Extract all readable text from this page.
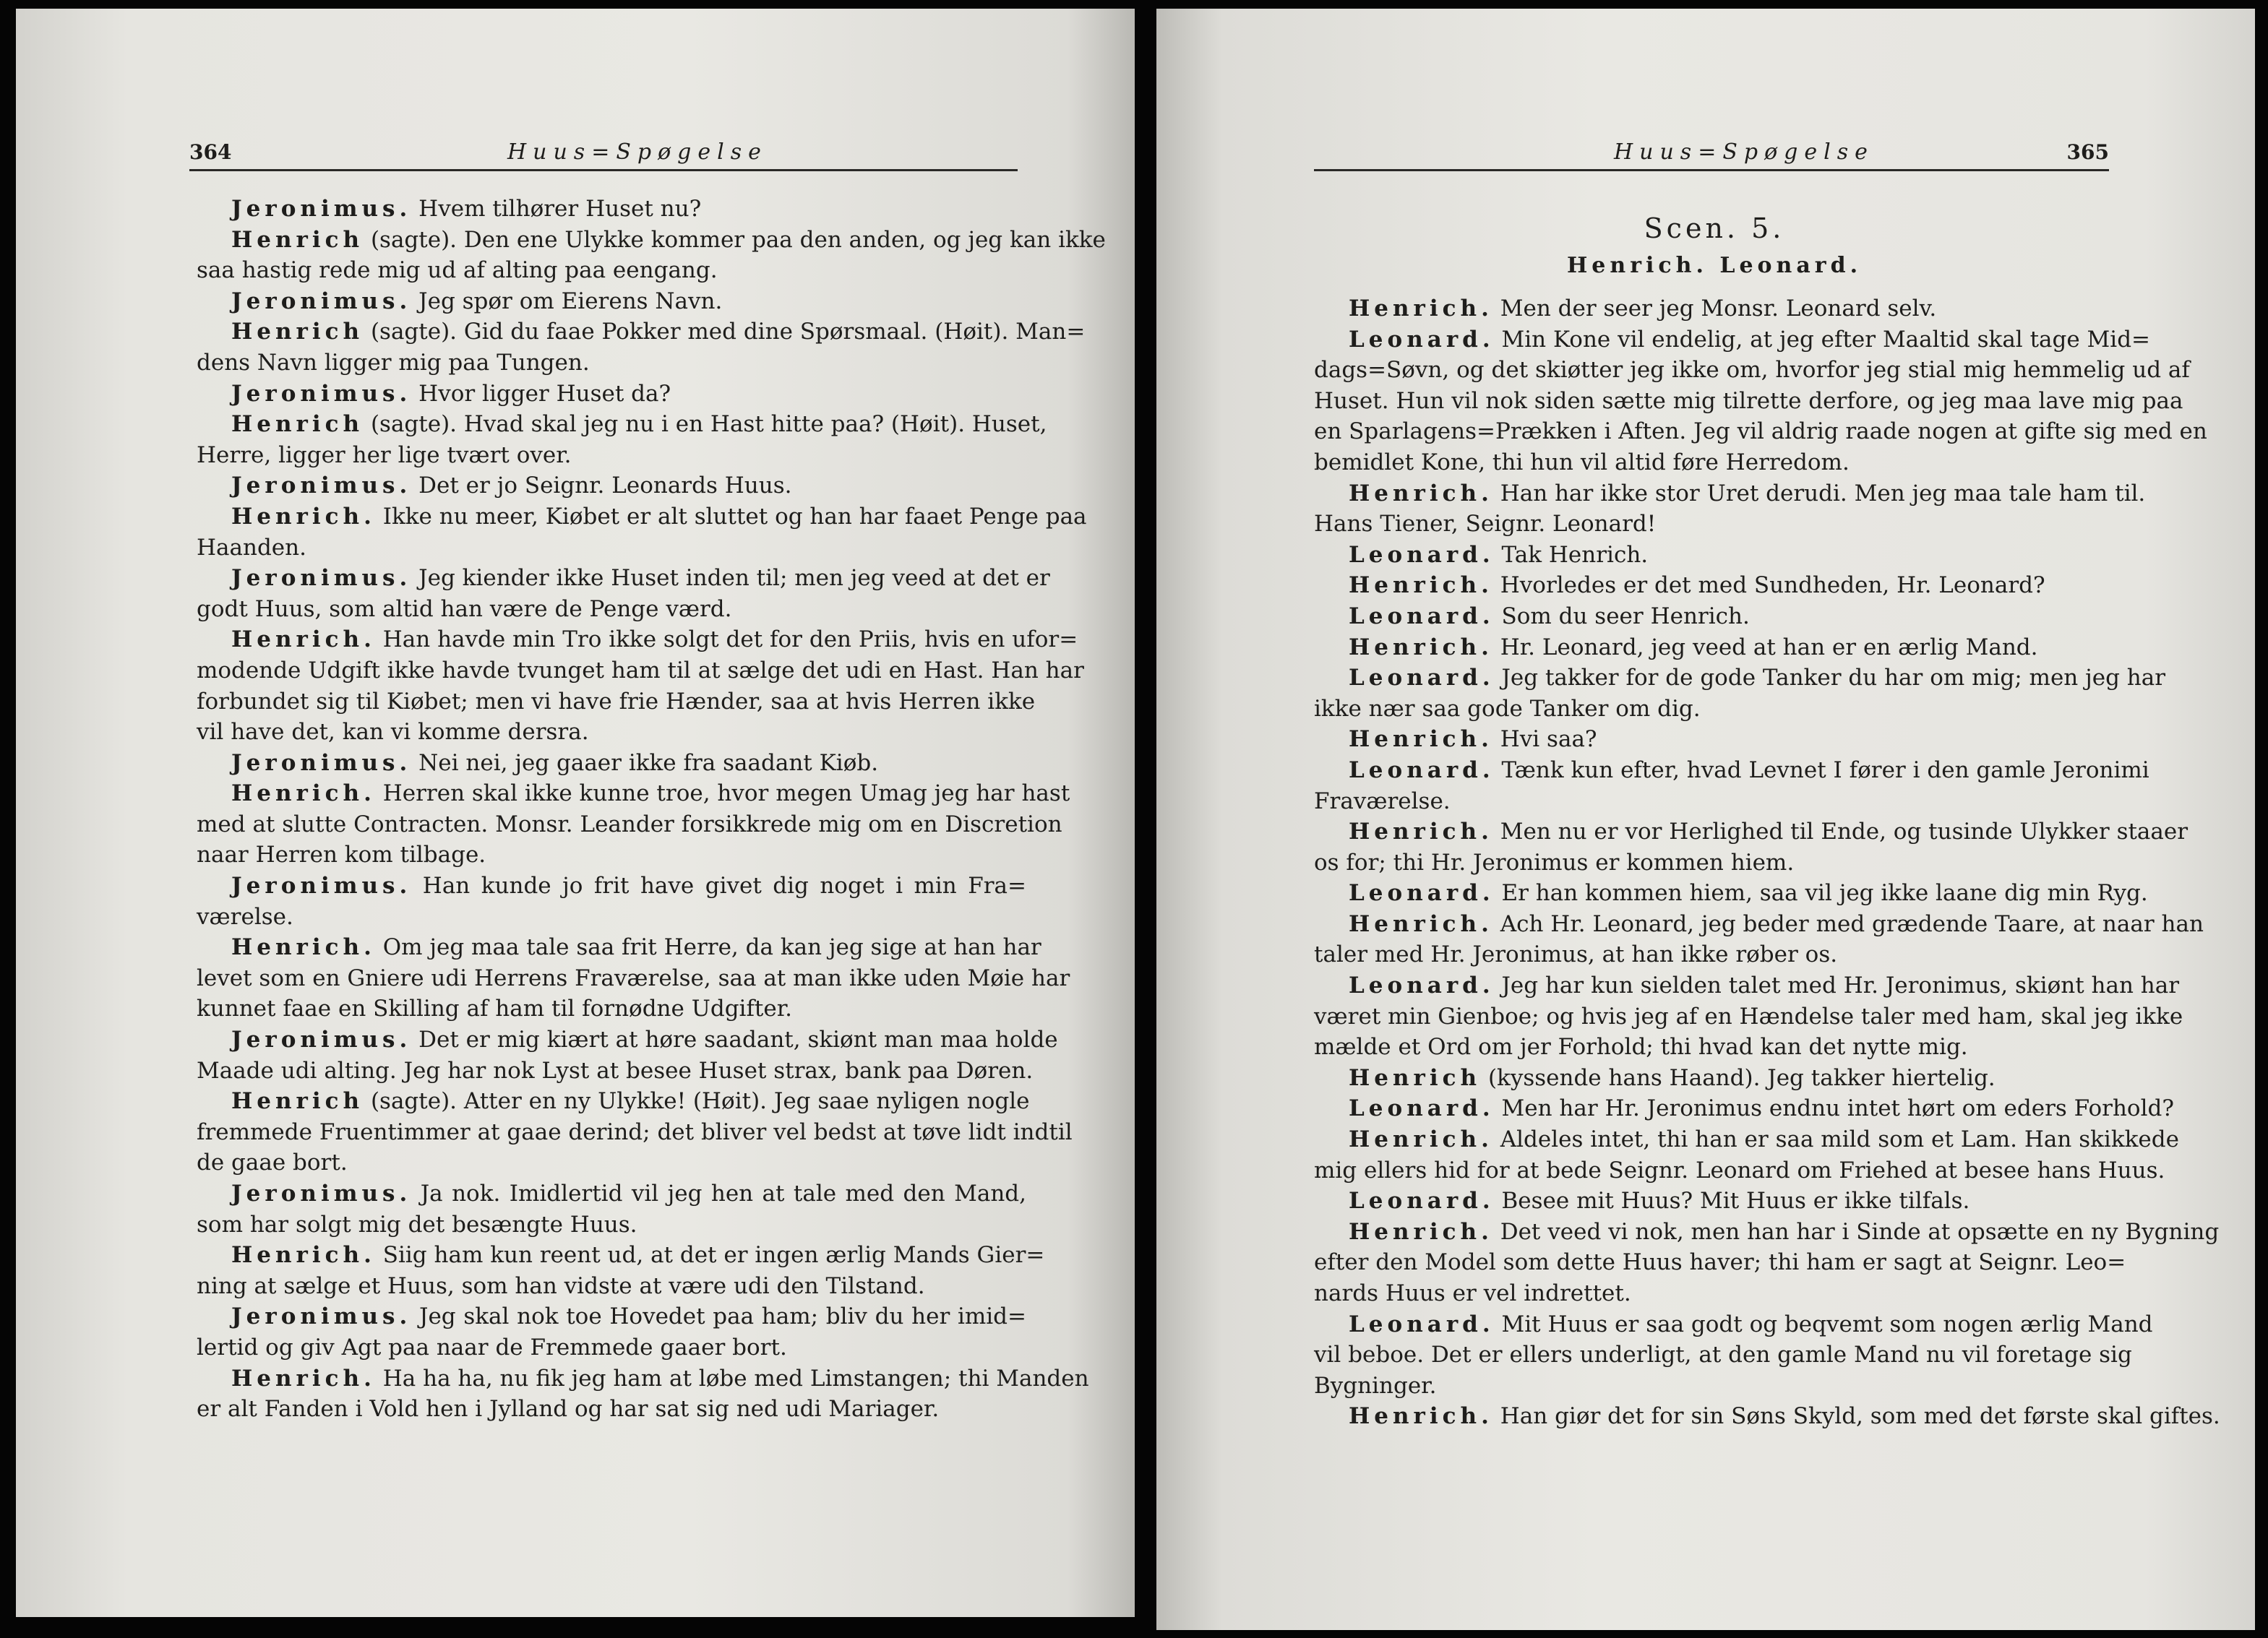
364	Huus=Spøgelse
Jeronimus. Hvem tilhører Huset nu?
Henrich (sagte). Den ene Ulykke kommer paa den anden, og jeg kan ikke
saa hastig rede mig ud af alting paa eengang.
Jeronimus. Jeg spør om Eierens Navn.
Henrich (sagte). Gid du faae Pokker med dine Spørsmaal. (Høit). Man=
dens Navn ligger mig paa Tungen.
Jeronimus. Hvor ligger Huset da?
Henrich (sagte). Hvad skal jeg nu i en Hast hitte paa? (Høit). Huset,
Herre, ligger her lige tvært over.
Jeronimus. Det er jo Seignr. Leonards Huus.
Henrich. Ikke nu meer, Kiøbet er alt sluttet og han har faaet Penge paa
Haanden.
Jeronimus. Jeg kiender ikke Huset inden til; men jeg veed at det er
godt Huus, som altid han være de Penge værd.
Henrich. Han havde min Tro ikke solgt det for den Priis, hvis en ufor=
modende Udgift ikke havde tvunget ham til at sælge det udi en Hast. Han har
forbundet sig til Kiøbet; men vi have frie Hænder, saa at hvis Herren ikke
vil have det, kan vi komme dersra.
Jeronimus. Nei nei, jeg gaaer ikke fra saadant Kiøb.
Henrich. Herren skal ikke kunne troe, hvor megen Umag jeg har hast
med at slutte Contracten. Monsr. Leander forsikkrede mig om en Discretion
naar Herren kom tilbage.
Jeronimus. Han kunde jo frit have givet dig noget i min Fra=
værelse.
Henrich. Om jeg maa tale saa frit Herre, da kan jeg sige at han har
levet som en Gniere udi Herrens Fraværelse, saa at man ikke uden Møie har
kunnet faae en Skilling af ham til fornødne Udgifter.
Jeronimus. Det er mig kiært at høre saadant, skiønt man maa holde
Maade udi alting. Jeg har nok Lyst at besee Huset strax, bank paa Døren.
Henrich (sagte). Atter en ny Ulykke! (Høit). Jeg saae nyligen nogle
fremmede Fruentimmer at gaae derind; det bliver vel bedst at tøve lidt indtil
de gaae bort.
Jeronimus. Ja nok. Imidlertid vil jeg hen at tale med den Mand,
som har solgt mig det besængte Huus.
Henrich. Siig ham kun reent ud, at det er ingen ærlig Mands Gier=
ning at sælge et Huus, som han vidste at være udi den Tilstand.
Jeronimus. Jeg skal nok toe Hovedet paa ham; bliv du her imid=
lertid og giv Agt paa naar de Fremmede gaaer bort.
Henrich. Ha ha ha, nu fik jeg ham at løbe med Limstangen; thi Manden
er alt Fanden i Vold hen i Jylland og har sat sig ned udi Mariager.
Huus=Spøgelse	365
Scen. 5.
Henrich. Leonard.
Henrich. Men der seer jeg Monsr. Leonard selv.
Leonard. Min Kone vil endelig, at jeg efter Maaltid skal tage Mid=
dags=Søvn, og det skiøtter jeg ikke om, hvorfor jeg stial mig hemmelig ud af
Huset. Hun vil nok siden sætte mig tilrette derfore, og jeg maa lave mig paa
en Sparlagens=Prækken i Aften. Jeg vil aldrig raade nogen at gifte sig med en
bemidlet Kone, thi hun vil altid føre Herredom.
Henrich. Han har ikke stor Uret derudi. Men jeg maa tale ham til.
Hans Tiener, Seignr. Leonard!
Leonard. Tak Henrich.
Henrich. Hvorledes er det med Sundheden, Hr. Leonard?
Leonard. Som du seer Henrich.
Henrich. Hr. Leonard, jeg veed at han er en ærlig Mand.
Leonard. Jeg takker for de gode Tanker du har om mig; men jeg har
ikke nær saa gode Tanker om dig.
Henrich. Hvi saa?
Leonard. Tænk kun efter, hvad Levnet I fører i den gamle Jeronimi
Fraværelse.
Henrich. Men nu er vor Herlighed til Ende, og tusinde Ulykker staaer
os for; thi Hr. Jeronimus er kommen hiem.
Leonard. Er han kommen hiem, saa vil jeg ikke laane dig min Ryg.
Henrich. Ach Hr. Leonard, jeg beder med grædende Taare, at naar han
taler med Hr. Jeronimus, at han ikke røber os.
Leonard. Jeg har kun sielden talet med Hr. Jeronimus, skiønt han har
været min Gienboe; og hvis jeg af en Hændelse taler med ham, skal jeg ikke
mælde et Ord om jer Forhold; thi hvad kan det nytte mig.
Henrich (kyssende hans Haand). Jeg takker hiertelig.
Leonard. Men har Hr. Jeronimus endnu intet hørt om eders Forhold?
Henrich. Aldeles intet, thi han er saa mild som et Lam. Han skikkede
mig ellers hid for at bede Seignr. Leonard om Friehed at besee hans Huus.
Leonard. Besee mit Huus? Mit Huus er ikke tilfals.
Henrich. Det veed vi nok, men han har i Sinde at opsætte en ny Bygning
efter den Model som dette Huus haver; thi ham er sagt at Seignr. Leo=
nards Huus er vel indrettet.
Leonard. Mit Huus er saa godt og beqvemt som nogen ærlig Mand
vil beboe. Det er ellers underligt, at den gamle Mand nu vil foretage sig
Bygninger.
Henrich. Han giør det for sin Søns Skyld, som med det første skal giftes.
